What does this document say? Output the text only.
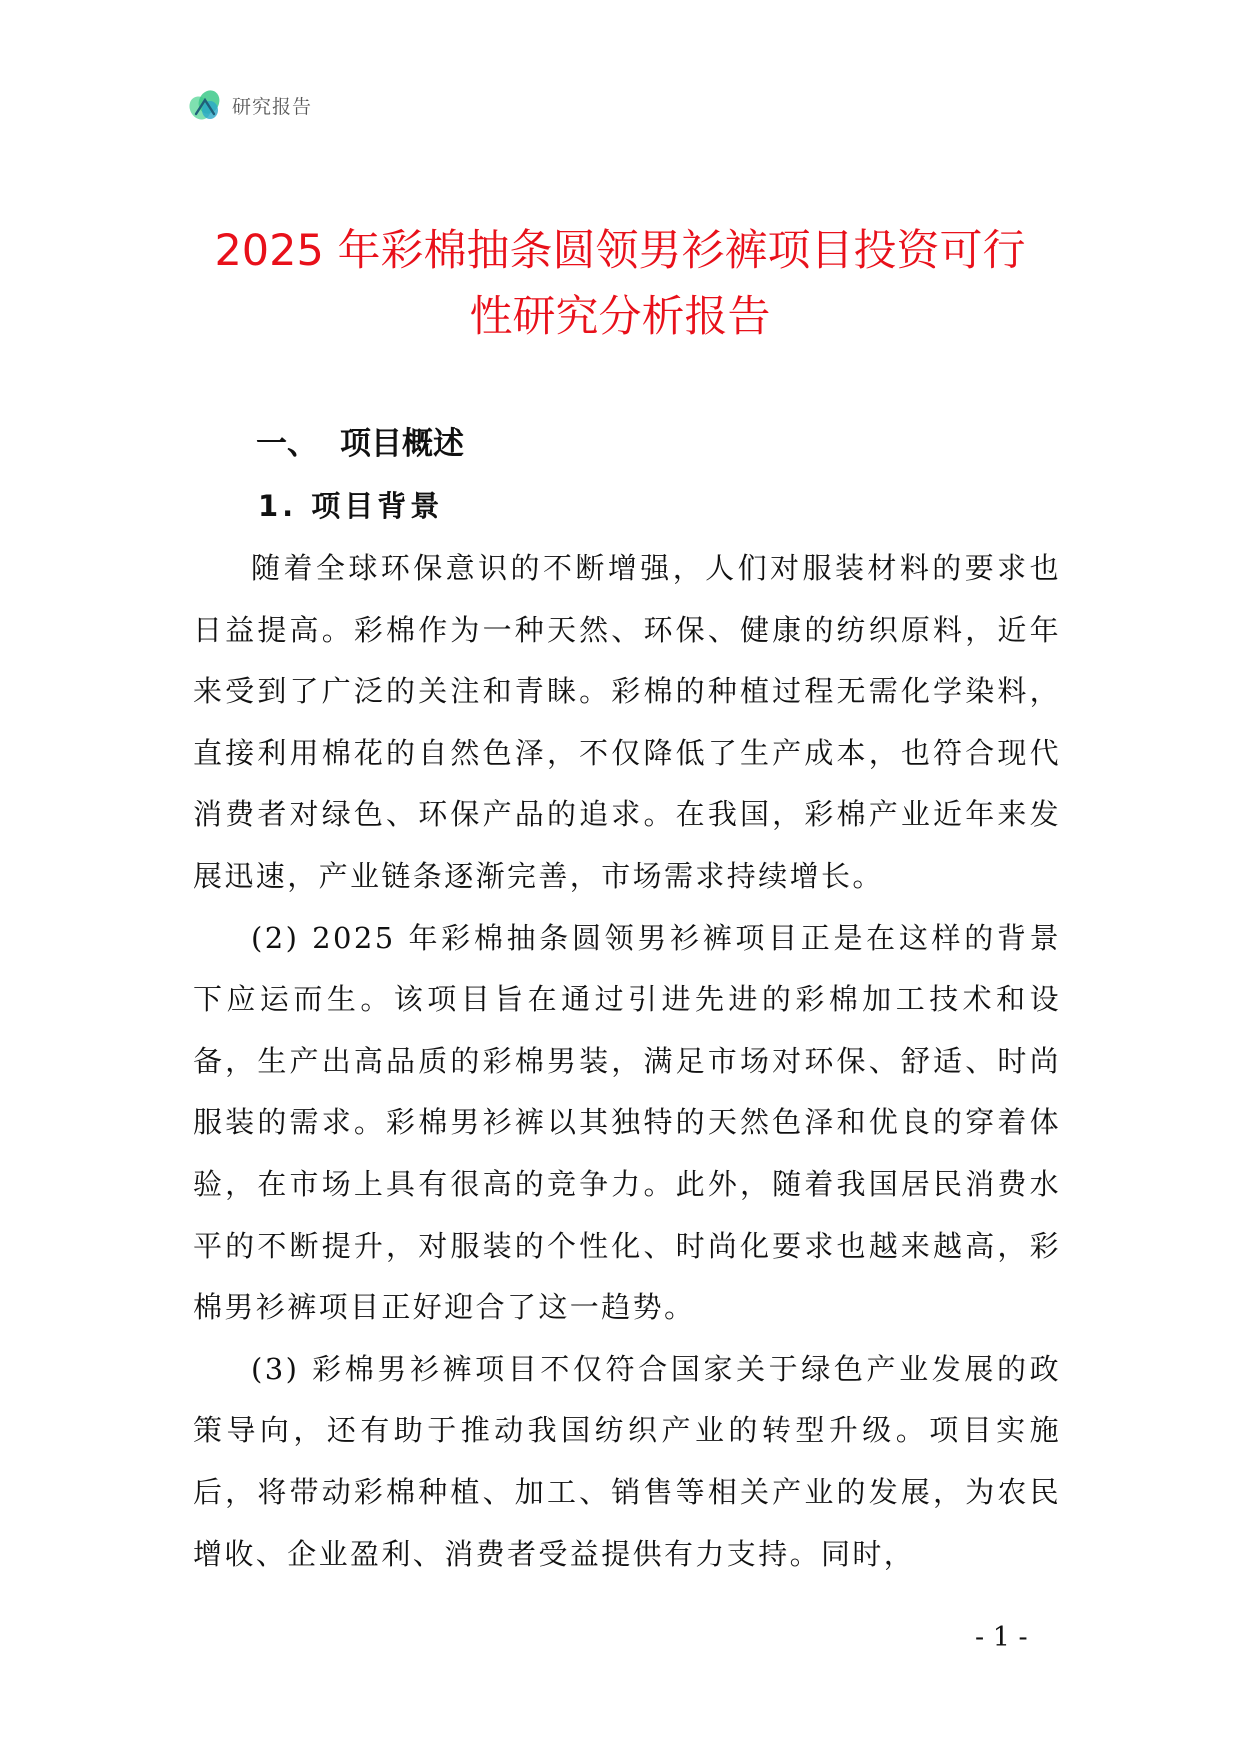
研究报告
2025 年彩棉抽条圆领男衫裤项目投资可行
性研究分析报告
一、 项目概述
1. 项目背景

随着全球环保意识的不断增强，人们对服装材料的要求也日益提高。彩棉作为一种天然、环保、健康的纺织原料，近年来受到了广泛的关注和青睐。彩棉的种植过程无需化学染料，直接利用棉花的自然色泽，不仅降低了生产成本，也符合现代消费者对绿色、环保产品的追求。在我国，彩棉产业近年来发展迅速，产业链条逐渐完善，市场需求持续增长。

(2) 2025 年彩棉抽条圆领男衫裤项目正是在这样的背景下应运而生。该项目旨在通过引进先进的彩棉加工技术和设备，生产出高品质的彩棉男装，满足市场对环保、舒适、时尚服装的需求。彩棉男衫裤以其独特的天然色泽和优良的穿着体验，在市场上具有很高的竞争力。此外，随着我国居民消费水平的不断提升，对服装的个性化、时尚化要求也越来越高，彩棉男衫裤项目正好迎合了这一趋势。

(3) 彩棉男衫裤项目不仅符合国家关于绿色产业发展的政策导向，还有助于推动我国纺织产业的转型升级。项目实施后，将带动彩棉种植、加工、销售等相关产业的发展，为农民增收、企业盈利、消费者受益提供有力支持。同时，

- 1 -
